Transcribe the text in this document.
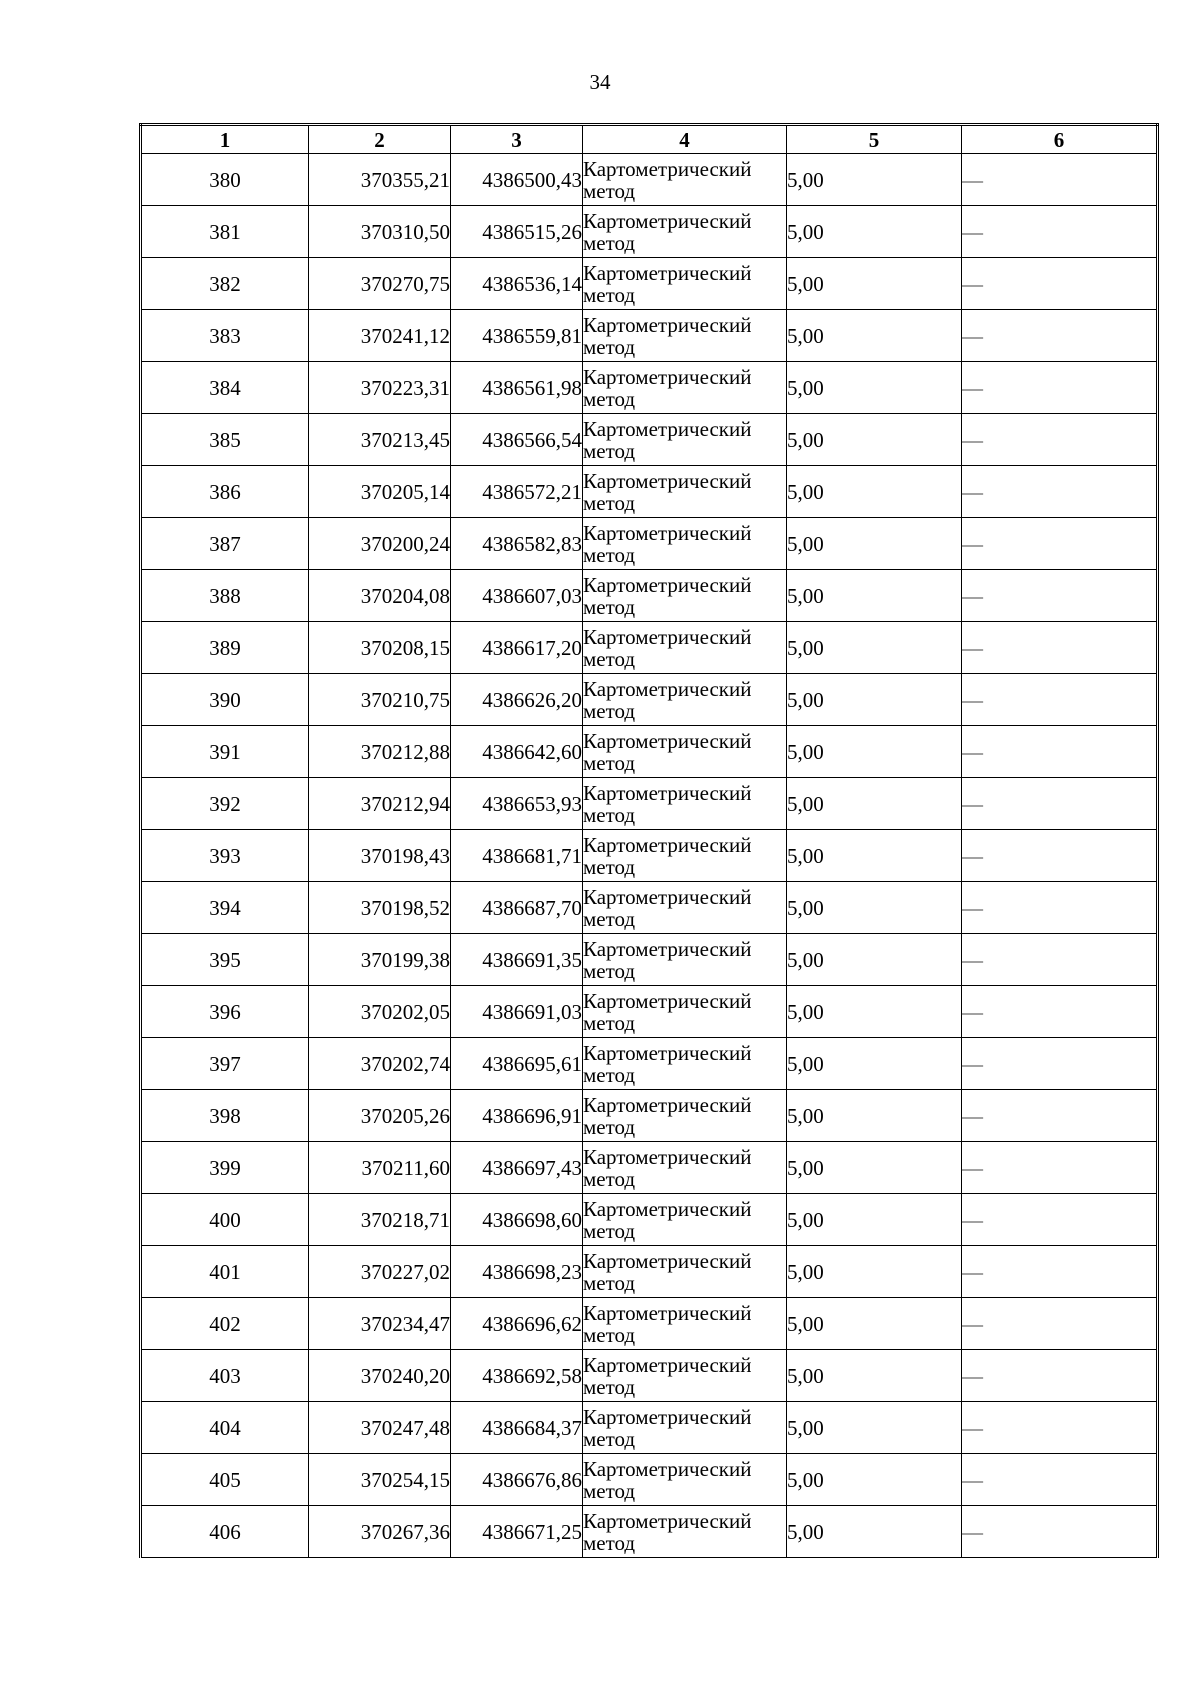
34
1	2	3	4	5	6
380	370355,21	4386500,43	Картометрический метод	5,00	—
381	370310,50	4386515,26	Картометрический метод	5,00	—
382	370270,75	4386536,14	Картометрический метод	5,00	—
383	370241,12	4386559,81	Картометрический метод	5,00	—
384	370223,31	4386561,98	Картометрический метод	5,00	—
385	370213,45	4386566,54	Картометрический метод	5,00	—
386	370205,14	4386572,21	Картометрический метод	5,00	—
387	370200,24	4386582,83	Картометрический метод	5,00	—
388	370204,08	4386607,03	Картометрический метод	5,00	—
389	370208,15	4386617,20	Картометрический метод	5,00	—
390	370210,75	4386626,20	Картометрический метод	5,00	—
391	370212,88	4386642,60	Картометрический метод	5,00	—
392	370212,94	4386653,93	Картометрический метод	5,00	—
393	370198,43	4386681,71	Картометрический метод	5,00	—
394	370198,52	4386687,70	Картометрический метод	5,00	—
395	370199,38	4386691,35	Картометрический метод	5,00	—
396	370202,05	4386691,03	Картометрический метод	5,00	—
397	370202,74	4386695,61	Картометрический метод	5,00	—
398	370205,26	4386696,91	Картометрический метод	5,00	—
399	370211,60	4386697,43	Картометрический метод	5,00	—
400	370218,71	4386698,60	Картометрический метод	5,00	—
401	370227,02	4386698,23	Картометрический метод	5,00	—
402	370234,47	4386696,62	Картометрический метод	5,00	—
403	370240,20	4386692,58	Картометрический метод	5,00	—
404	370247,48	4386684,37	Картометрический метод	5,00	—
405	370254,15	4386676,86	Картометрический метод	5,00	—
406	370267,36	4386671,25	Картометрический метод	5,00	—
